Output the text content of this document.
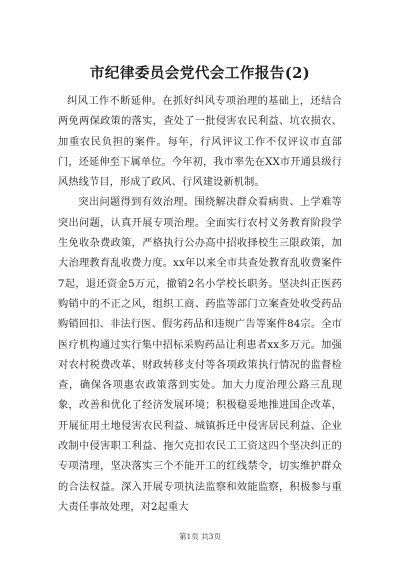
市纪律委员会党代会工作报告(2)

纠风工作不断延伸。在抓好纠风专项治理的基础上，还结合两免两保政策的落实，查处了一批侵害农民利益、坑农损农、加重农民负担的案件。每年，行风评议工作不仅评议市直部门，还延伸至下属单位。今年初，我市率先在XX市开通县级行风热线节目，形成了政风、行风建设新机制。

突出问题得到有效治理。围绕解决群众看病贵、上学难等突出问题，认真开展专项治理。全面实行农村义务教育阶段学生免收杂费政策，严格执行公办高中招收择校生三限政策，加大治理教育乱收费力度。xx年以来全市共查处教育乱收费案件7起，退还资金5万元，撤销2名小学校长职务。坚决纠正医药购销中的不正之风，组织工商、药监等部门立案查处收受药品购销回扣、非法行医、假劣药品和违规广告等案件84宗。全市医疗机构通过实行集中招标采购药品让利患者xx多万元。加强对农村税费改革、财政转移支付等各项政策执行情况的监督检查，确保各项惠农政策落到实处。加大力度治理公路三乱现象，改善和优化了经济发展环境；积极稳妥地推进国企改革，开展征用土地侵害农民利益、城镇拆迁中侵害居民利益、企业改制中侵害职工利益、拖欠克扣农民工工资这四个坚决纠正的专项清理，坚决落实三个不能开工的红线禁令，切实维护群众的合法权益。深入开展专项执法监察和效能监察，积极参与重大责任事故处理，对2起重大

第1页 共3页
